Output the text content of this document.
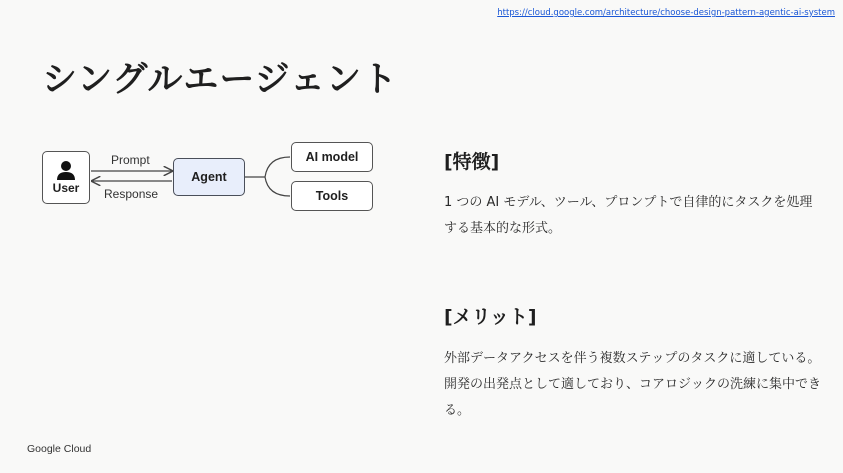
https://cloud.google.com/architecture/choose-design-pattern-agentic-ai-system
シングルエージェント
User
Prompt
Response
Agent
AI model
Tools
[特徴]

1 つの AI モデル、ツール、プロンプトで自律的にタスクを処理する基本的な形式。

[メリット]

外部データアクセスを伴う複数ステップのタスクに適している。開発の出発点として適しており、コアロジックの洗練に集中できる。

Google Cloud
